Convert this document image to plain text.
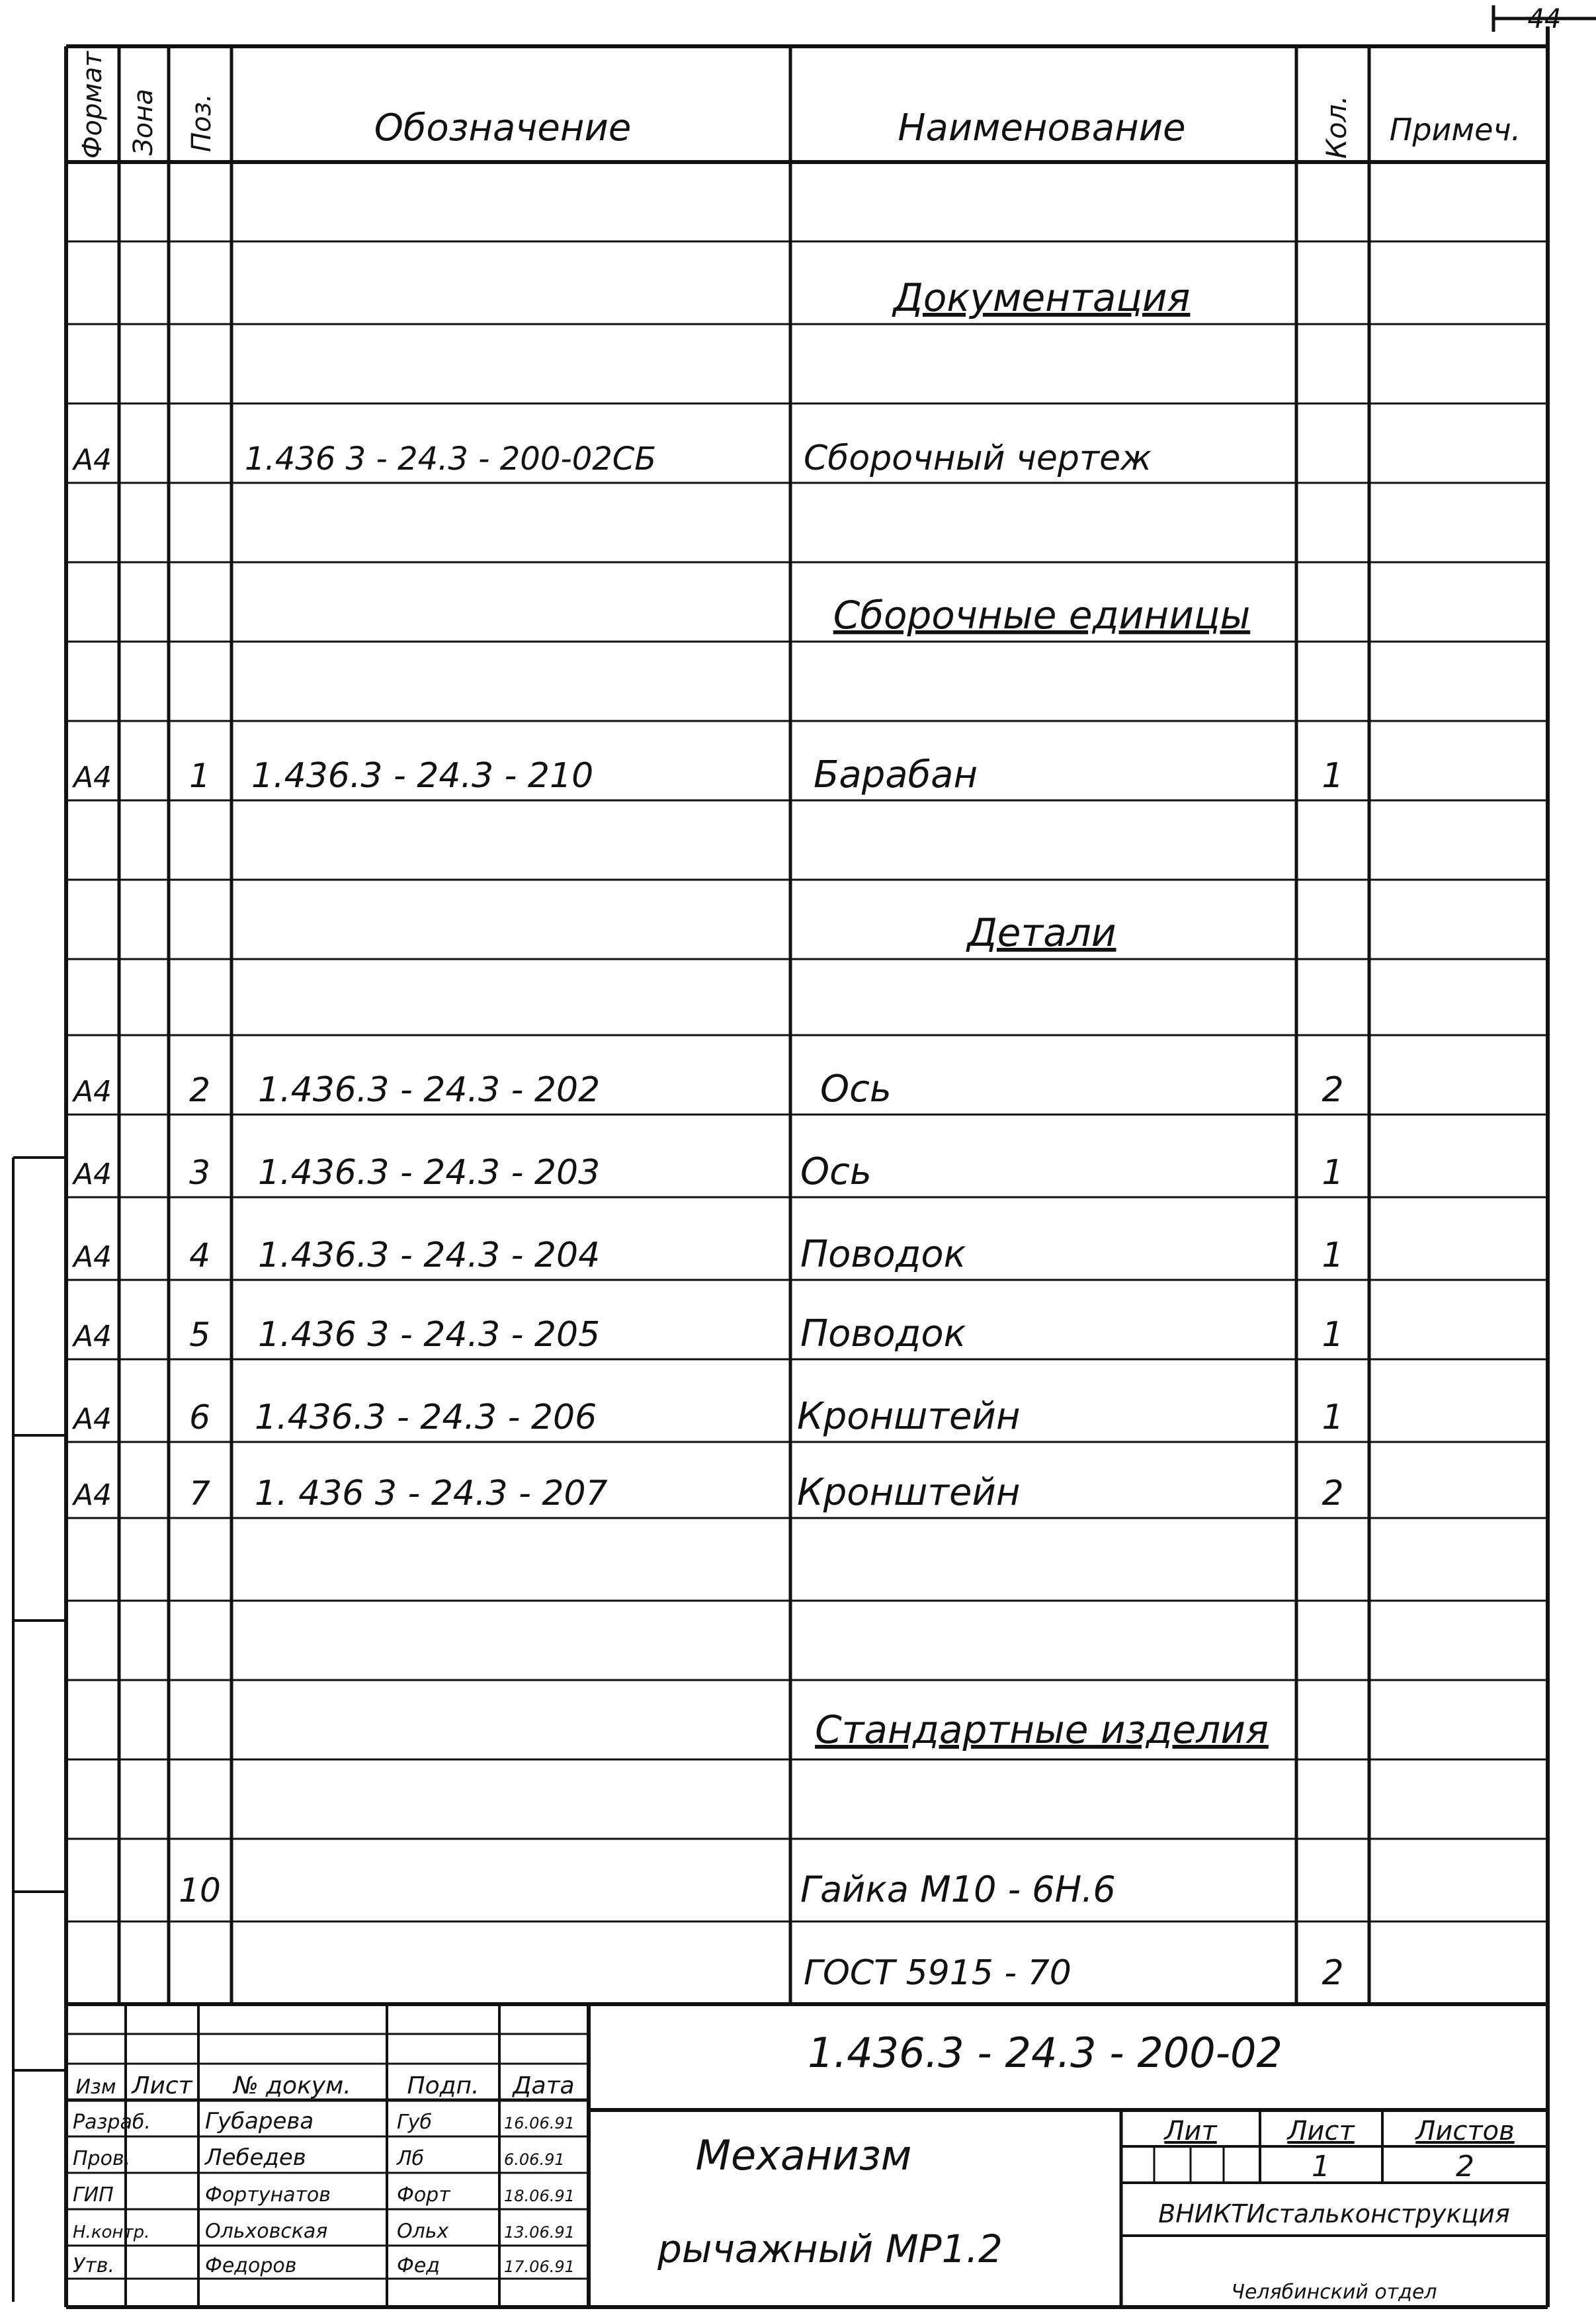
44
Формат Зона Поз.	Обозначение	Наименование	Кол. Примеч.
Документация
Сборочные единицы
Детали
Стандартные изделия
А4	1.436 3 - 24.3 - 200-02СБ	Сборочный чертеж
А4 1 1.436.3 - 24.3 - 210	Барабан	1
А4 2 1.436.3 - 24.3 - 202	Ось	2
А4 3 1.436.3 - 24.3 - 203	Ось	1
А4 4 1.436.3 - 24.3 - 204	Поводок	1
А4 5 1.436 3 - 24.3 - 205	Поводок	1
А4 6 1.436.3 - 24.3 - 206	Кронштейн	1
А4 7 1. 436 3 - 24.3 - 207	Кронштейн	2
10	Гайка М10 - 6Н.6
ГОСТ 5915 - 70	2
Изм Лист № докум. Подп. Дата
Разраб. Губарева	Губ	16.06.91
Пров.	Лебедев	Лб	6.06.91
ГИП	Фортунатов	Форт	18.06.91
Н.контр.	Ольховская	Ольх	13.06.91
Утв.	Федоров	Фед	17.06.91
1.436.3 - 24.3 - 200-02
Механизм
рычажный МР1.2
Лит	Лист Листов
1	2
ВНИКТИстальконструкция
Челябинский отдел
